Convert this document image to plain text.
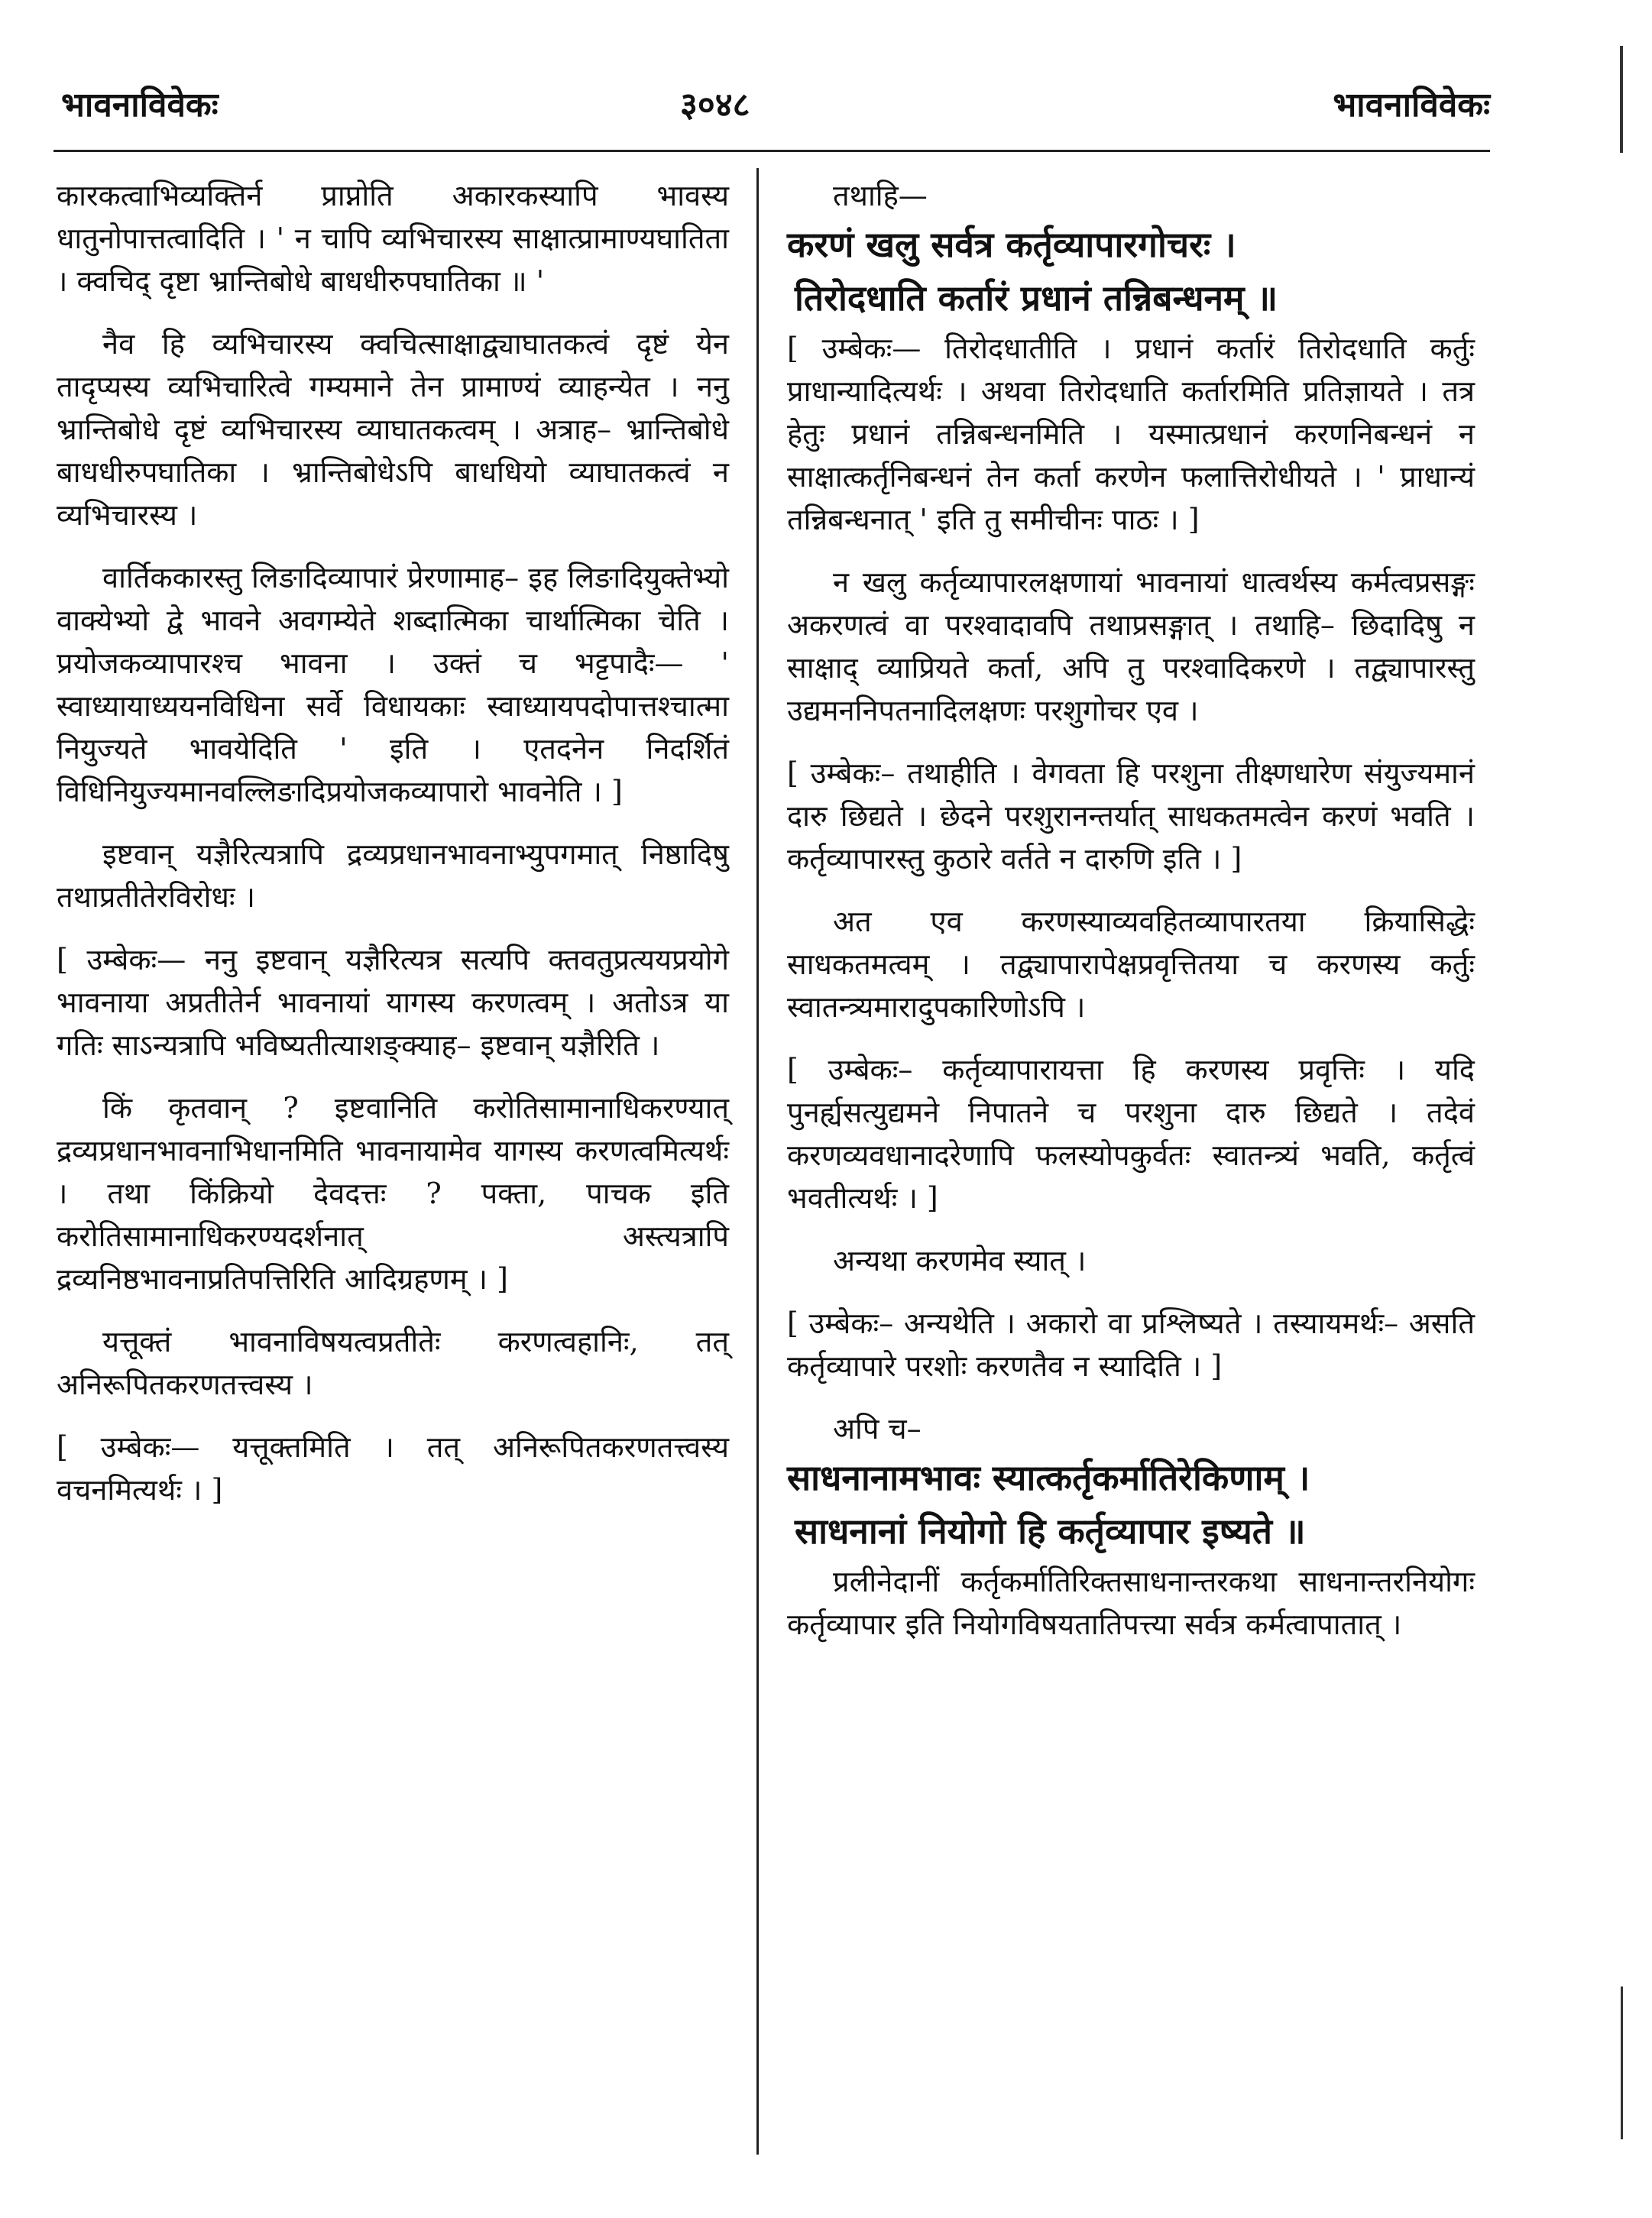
भावनाविवेकः	३०४८	भावनाविवेकः

कारकत्वाभिव्यक्तिर्न प्राप्नोति अकारकस्यापि भावस्य धातुनोपात्तत्वादिति । ' न चापि व्यभिचारस्य साक्षात्प्रामाण्यघातिता । क्वचिद् दृष्टा भ्रान्तिबोधे बाधधीरुपघातिका ॥ '

नैव हि व्यभिचारस्य क्वचित्साक्षाद्व्याघातकत्वं दृष्टं येन तादृप्यस्य व्यभिचारित्वे गम्यमाने तेन प्रामाण्यं व्याहन्येत । ननु भ्रान्तिबोधे दृष्टं व्यभिचारस्य व्याघातकत्वम् । अत्राह– भ्रान्तिबोधे बाधधीरुपघातिका । भ्रान्तिबोधेऽपि बाधधियो व्याघातकत्वं न व्यभिचारस्य ।

वार्तिककारस्तु लिङादिव्यापारं प्रेरणामाह– इह लिङादियुक्तेभ्यो वाक्येभ्यो द्वे भावने अवगम्येते शब्दात्मिका चार्थात्मिका चेति । प्रयोजकव्यापारश्च भावना । उक्तं च भट्टपादैः— ' स्वाध्यायाध्ययनविधिना सर्वे विधायकाः स्वाध्यायपदोपात्तश्चात्मा नियुज्यते भावयेदिति ' इति । एतदनेन निदर्शितं विधिनियुज्यमानवल्लिङादिप्रयोजकव्यापारो भावनेति । ]

इष्टवान् यज्ञैरित्यत्रापि द्रव्यप्रधानभावनाभ्युपगमात् निष्ठादिषु तथाप्रतीतेरविरोधः ।

[ उम्बेकः— ननु इष्टवान् यज्ञैरित्यत्र सत्यपि क्तवतुप्रत्ययप्रयोगे भावनाया अप्रतीतेर्न भावनायां यागस्य करणत्वम् । अतोऽत्र या गतिः साऽन्यत्रापि भविष्यतीत्याशङ्क्याह– इष्टवान् यज्ञैरिति ।

किं कृतवान् ? इष्टवानिति करोतिसामानाधिकरण्यात् द्रव्यप्रधानभावनाभिधानमिति भावनायामेव यागस्य करणत्वमित्यर्थः । तथा किंक्रियो देवदत्तः ? पक्ता, पाचक इति करोतिसामानाधिकरण्यदर्शनात् अस्त्यत्रापि द्रव्यनिष्ठभावनाप्रतिपत्तिरिति आदिग्रहणम् । ]

यत्तूक्तं भावनाविषयत्वप्रतीतेः करणत्वहानिः, तत् अनिरूपितकरणतत्त्वस्य ।

[ उम्बेकः— यत्तूक्तमिति । तत् अनिरूपितकरणतत्त्वस्य वचनमित्यर्थः । ]

तथाहि—

करणं खलु सर्वत्र कर्तृव्यापारगोचरः ।

तिरोदधाति कर्तारं प्रधानं तन्निबन्धनम् ॥

[ उम्बेकः— तिरोदधातीति । प्रधानं कर्तारं तिरोदधाति कर्तुः प्राधान्यादित्यर्थः । अथवा तिरोदधाति कर्तारमिति प्रतिज्ञायते । तत्र हेतुः प्रधानं तन्निबन्धनमिति । यस्मात्प्रधानं करणनिबन्धनं न साक्षात्कर्तृनिबन्धनं तेन कर्ता करणेन फलात्तिरोधीयते । ' प्राधान्यं तन्निबन्धनात् ' इति तु समीचीनः पाठः । ]

न खलु कर्तृव्यापारलक्षणायां भावनायां धात्वर्थस्य कर्मत्वप्रसङ्गः अकरणत्वं वा परश्वादावपि तथाप्रसङ्गात् । तथाहि– छिदादिषु न साक्षाद् व्याप्रियते कर्ता, अपि तु परश्वादिकरणे । तद्व्यापारस्तु उद्यमननिपतनादिलक्षणः परशुगोचर एव ।

[ उम्बेकः– तथाहीति । वेगवता हि परशुना तीक्ष्णधारेण संयुज्यमानं दारु छिद्यते । छेदने परशुरानन्तर्यात् साधकतमत्वेन करणं भवति । कर्तृव्यापारस्तु कुठारे वर्तते न दारुणि इति । ]

अत एव करणस्याव्यवहितव्यापारतया क्रियासिद्धेः साधकतमत्वम् । तद्व्यापारापेक्षप्रवृत्तितया च करणस्य कर्तुः स्वातन्त्र्यमारादुपकारिणोऽपि ।

[ उम्बेकः– कर्तृव्यापारायत्ता हि करणस्य प्रवृत्तिः । यदि पुनर्ह्यसत्युद्यमने निपातने च परशुना दारु छिद्यते । तदेवं करणव्यवधानादरेणापि फलस्योपकुर्वतः स्वातन्त्र्यं भवति, कर्तृत्वं भवतीत्यर्थः । ]

अन्यथा करणमेव स्यात् ।

[ उम्बेकः– अन्यथेति । अकारो वा प्रश्लिष्यते । तस्यायमर्थः– असति कर्तृव्यापारे परशोः करणतैव न स्यादिति । ]

अपि च–

साधनानामभावः स्यात्कर्तृकर्मातिरेकिणाम् ।

साधनानां नियोगो हि कर्तृव्यापार इष्यते ॥

प्रलीनेदानीं कर्तृकर्मातिरिक्तसाधनान्तरकथा साधनान्तरनियोगः कर्तृव्यापार इति नियोगविषयतातिपत्त्या सर्वत्र कर्मत्वापातात् ।
